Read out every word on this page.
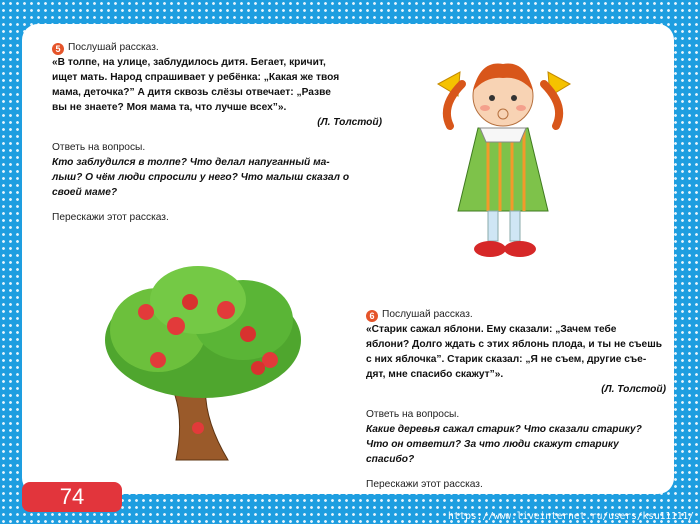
5 Послушай рассказ.
«В толпе, на улице, заблудилось дитя. Бегает, кричит,
ищет мать. Народ спрашивает у ребёнка: „Какая же твоя
мама, деточка?” А дитя сквозь слёзы отвечает: „Разве
вы не знаете? Моя мама та, что лучше всех”».
(Л. Толстой)
Ответь на вопросы.
Кто заблудился в толпе? Что делал напуганный ма-
лыш? О чём люди спросили у него? Что малыш сказал о
своей маме?
Перескажи этот рассказ.
6 Послушай рассказ.
«Старик сажал яблони. Ему сказали: „Зачем тебе
яблони? Долго ждать с этих яблонь плода, и ты не съешь
с них яблочка”. Старик сказал: „Я не съем, другие съе-
дят, мне спасибо скажут”».
(Л. Толстой)
Ответь на вопросы.
Какие деревья сажал старик? Что сказали старику?
Что он ответил? За что люди скажут старику спасибо?
Перескажи этот рассказ.
74
https://www.liveinternet.ru/users/ksu11111/
